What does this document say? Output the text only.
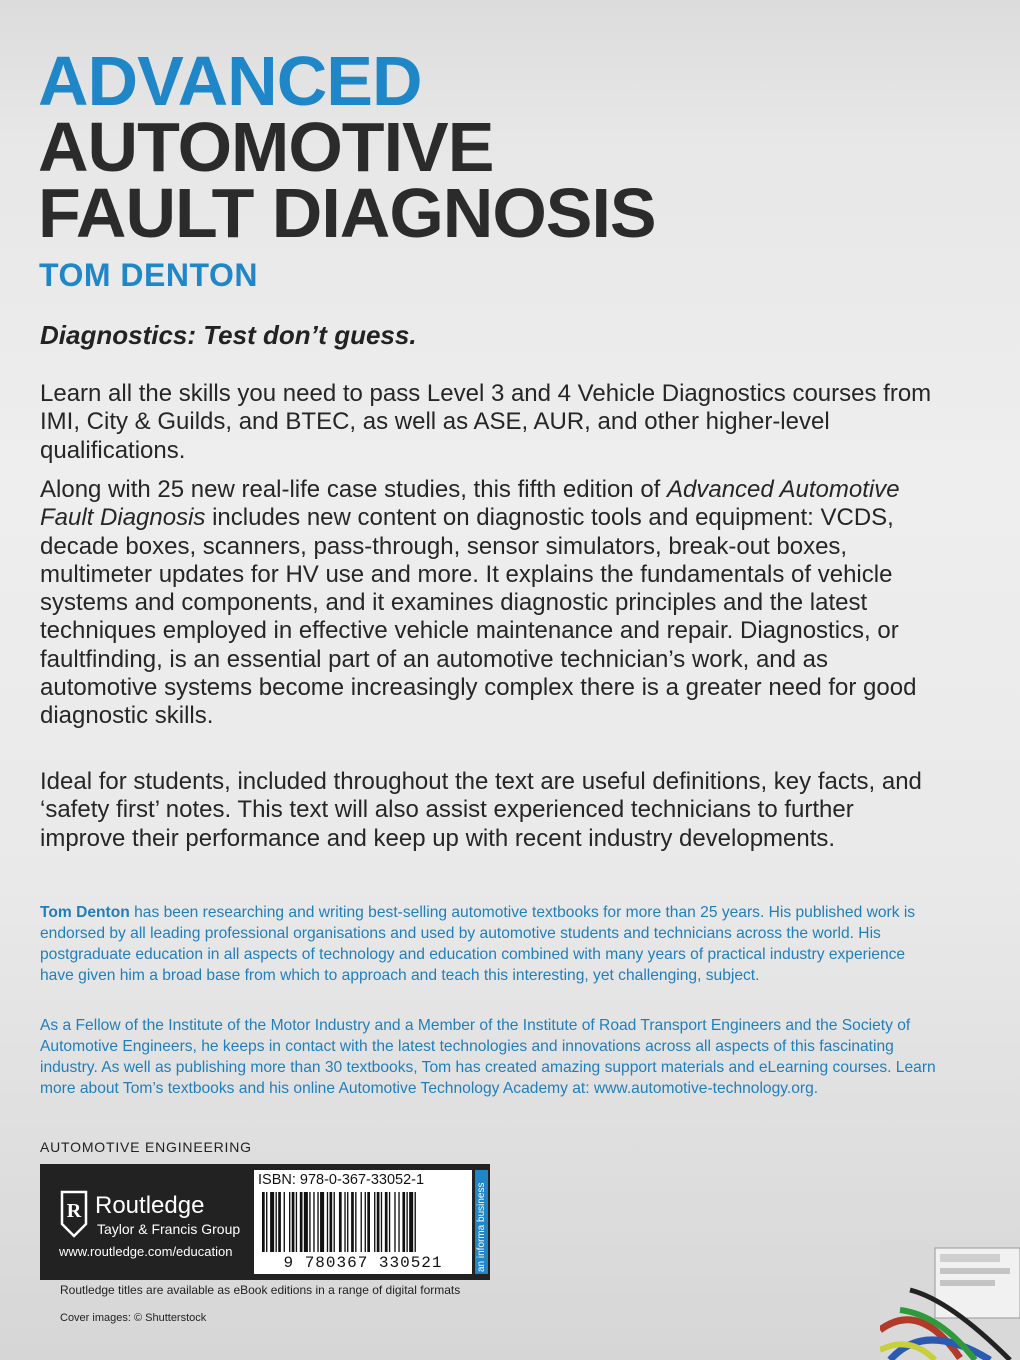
ADVANCED
AUTOMOTIVE
FAULT DIAGNOSIS
TOM DENTON
Diagnostics: Test don’t guess.
Learn all the skills you need to pass Level 3 and 4 Vehicle Diagnostics courses from IMI, City & Guilds, and BTEC, as well as ASE, AUR, and other higher-level qualifications.
Along with 25 new real-life case studies, this fifth edition of Advanced Automotive Fault Diagnosis includes new content on diagnostic tools and equipment: VCDS, decade boxes, scanners, pass-through, sensor simulators, break-out boxes, multimeter updates for HV use and more. It explains the fundamentals of vehicle systems and components, and it examines diagnostic principles and the latest techniques employed in effective vehicle maintenance and repair. Diagnostics, or faultfinding, is an essential part of an automotive technician’s work, and as automotive systems become increasingly complex there is a greater need for good diagnostic skills.
Ideal for students, included throughout the text are useful definitions, key facts, and ‘safety first’ notes. This text will also assist experienced technicians to further improve their performance and keep up with recent industry developments.
Tom Denton has been researching and writing best-selling automotive textbooks for more than 25 years. His published work is endorsed by all leading professional organisations and used by automotive students and technicians across the world. His postgraduate education in all aspects of technology and education combined with many years of practical industry experience have given him a broad base from which to approach and teach this interesting, yet challenging, subject.
As a Fellow of the Institute of the Motor Industry and a Member of the Institute of Road Transport Engineers and the Society of Automotive Engineers, he keeps in contact with the latest technologies and innovations across all aspects of this fascinating industry. As well as publishing more than 30 textbooks, Tom has created amazing support materials and eLearning courses. Learn more about Tom’s textbooks and his online Automotive Technology Academy at: www.automotive-technology.org.
AUTOMOTIVE ENGINEERING
R Routledge
Taylor & Francis Group
www.routledge.com/education
ISBN: 978-0-367-33052-1
9 780367 330521	an informa business
Routledge titles are available as eBook editions in a range of digital formats
Cover images: © Shutterstock
